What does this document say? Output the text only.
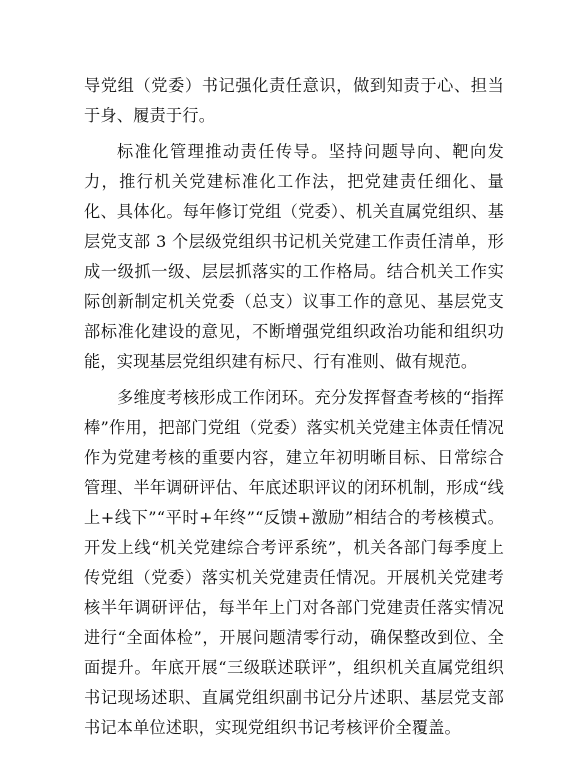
导党组（党委）书记强化责任意识，做到知责于心、担当于身、履责于行。

标准化管理推动责任传导。坚持问题导向、靶向发力，推行机关党建标准化工作法，把党建责任细化、量化、具体化。每年修订党组（党委）、机关直属党组织、基层党支部 3 个层级党组织书记机关党建工作责任清单，形成一级抓一级、层层抓落实的工作格局。结合机关工作实际创新制定机关党委（总支）议事工作的意见、基层党支部标准化建设的意见，不断增强党组织政治功能和组织功能，实现基层党组织建有标尺、行有准则、做有规范。

多维度考核形成工作闭环。充分发挥督查考核的“指挥棒”作用，把部门党组（党委）落实机关党建主体责任情况作为党建考核的重要内容，建立年初明晰目标、日常综合管理、半年调研评估、年底述职评议的闭环机制，形成“线上+线下”“平时+年终”“反馈+激励”相结合的考核模式。开发上线“机关党建综合考评系统”，机关各部门每季度上传党组（党委）落实机关党建责任情况。开展机关党建考核半年调研评估，每半年上门对各部门党建责任落实情况进行“全面体检”，开展问题清零行动，确保整改到位、全面提升。年底开展“三级联述联评”，组织机关直属党组织书记现场述职、直属党组织副书记分片述职、基层党支部书记本单位述职，实现党组织书记考核评价全覆盖。
